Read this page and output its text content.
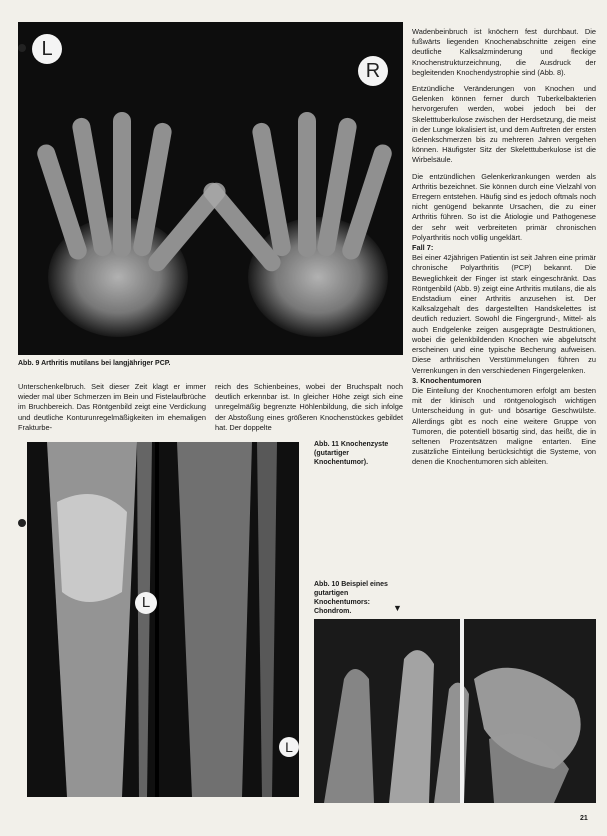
L
R
Abb. 9 Arthritis mutilans bei langjähriger PCP.
Unterschenkelbruch. Seit dieser Zeit klagt er immer wieder mal über Schmerzen im Bein und Fistelaufbrüche im Bruchbereich. Das Röntgenbild zeigt eine Verdickung und deutliche Konturunregelmäßigkeiten im ehemaligen Frakturbe-
reich des Schienbeines, wobei der Bruchspalt noch deutlich erkennbar ist. In gleicher Höhe zeigt sich eine unregelmäßig begrenzte Höhlenbildung, die sich infolge der Abstoßung eines größeren Knochenstückes gebildet hat. Der doppelte
L
L
Abb. 11 Knochenzyste (gutartiger Knochentumor).
Abb. 10 Beispiel eines gutartigen Knochentumors: Chondrom.	▼

Wadenbeinbruch ist knöchern fest durchbaut. Die fußwärts liegenden Knochenabschnitte zeigen eine deutliche Kalksalzminderung und fleckige Knochenstrukturzeichnung, die Ausdruck der begleitenden Knochendystrophie sind (Abb. 8).

Entzündliche Veränderungen von Knochen und Gelenken können ferner durch Tuberkelbakterien hervorgerufen werden, wobei jedoch bei der Skeletttuberkulose zwischen der Herdsetzung, die meist in der Lunge lokalisiert ist, und dem Auftreten der ersten Gelenkschmerzen bis zu mehreren Jahren vergehen können. Häufigster Sitz der Skeletttuberkulose ist die Wirbelsäule.

Die entzündlichen Gelenkerkrankungen werden als Arthritis bezeichnet. Sie können durch eine Vielzahl von Erregern entstehen. Häufig sind es jedoch oftmals noch nicht genügend bekannte Ursachen, die zu einer Arthritis führen. So ist die Ätiologie und Pathogenese der sehr weit verbreiteten primär chronischen Polyarthritis noch völlig ungeklärt.

Fall 7:

Bei einer 42jährigen Patientin ist seit Jahren eine primär chronische Polyarthritis (PCP) bekannt. Die Beweglichkeit der Finger ist stark eingeschränkt. Das Röntgenbild (Abb. 9) zeigt eine Arthritis mutilans, die als Endstadium einer Arthritis anzusehen ist. Der Kalksalzgehalt des dargestellten Handskelettes ist deutlich reduziert. Sowohl die Fingergrund-, Mittel- als auch Endgelenke zeigen ausgeprägte Destruktionen, wobei die gelenkbildenden Knochen wie abgelutscht erscheinen und eine typische Becherung aufweisen. Diese arthritischen Verstümmelungen führen zu Verrenkungen in den verschiedenen Fingergelenken.

3. Knochentumoren

Die Einteilung der Knochentumoren erfolgt am besten mit der klinisch und röntgenologisch wichtigen Unterscheidung in gut- und bösartige Geschwülste. Allerdings gibt es noch eine weitere Gruppe von Tumoren, die potentiell bösartig sind, das heißt, die in seltenen Prozentsätzen maligne entarten. Eine zusätzliche Einteilung berücksichtigt die Systeme, von denen die Knochentumoren sich ableiten.

21
